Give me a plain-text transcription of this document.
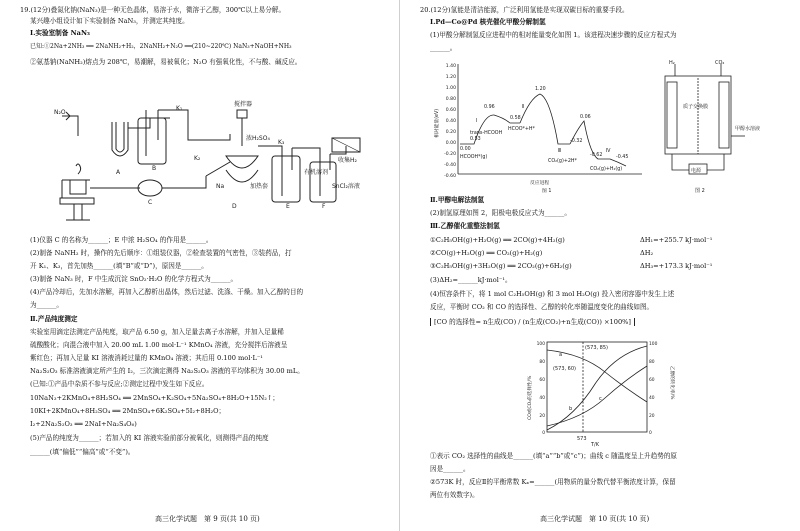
19.(12分)叠氮化钠(NaN₃)是一种无色晶体，易溶于水，微溶于乙醇，300℃以上易分解。
某兴趣小组设计如下实验制备 NaN₃，并测定其纯度。
Ⅰ.实验室制备 NaN₃
已知:①2Na+2NH₃ ══ 2NaNH₂+H₂，2NaNH₂+N₂O ══(210~220℃) NaN₃+NaOH+NH₃
②氨基钠(NaNH₂)熔点为 208℃，易潮解，易被氧化；N₂O 有强氧化性，不与酸、碱反应。
N₂O
A
B
C
D	E	F
K₁
K₂
K₃
搅拌器
浓H₂SO₄
Na	加热套
有机溶剂
收集H₂
SnCl₂溶液
(1)仪器 C 的名称为______；E 中浓 H₂SO₄ 的作用是______。
(2)制备 NaNH₂ 时，操作的先后顺序：①组装仪器，②检查装置的气密性，③装药品，打
开 K₁、K₃，首先加热______(填“B”或“D”)，原因是______。
(3)制备 NaN₃ 时，F 中生成沉淀 SnO₂·H₂O 的化学方程式为______。
(4)产品冷却后，先加水溶解，再加入乙醇析出晶体，然后过滤、洗涤、干燥。加入乙醇的目的
为______。
Ⅱ.产品纯度测定
实验室用滴定法测定产品纯度，取产品 6.50 g，加入足量去离子水溶解，并加入足量稀
硫酸酸化；向混合液中加入 20.00 mL 1.00 mol·L⁻¹ KMnO₄ 溶液，充分搅拌后溶液呈
紫红色；再加入足量 KI 溶液消耗过量的 KMnO₄ 溶液；其后用 0.100 mol·L⁻¹
Na₂S₂O₃ 标准溶液滴定所产生的 I₂，三次滴定测得 Na₂S₂O₃ 溶液的平均体积为 30.00 mL。
(已知:①产品中杂质不参与反应;②测定过程中发生如下反应。
10NaN₃+2KMnO₄+8H₂SO₄ ══ 2MnSO₄+K₂SO₄+5Na₂SO₄+8H₂O+15N₂↑；
10KI+2KMnO₄+8H₂SO₄ ══ 2MnSO₄+6K₂SO₄+5I₂+8H₂O；
I₂+2Na₂S₂O₃ ══ 2NaI+Na₂S₄O₆)
(5)产品的纯度为______；若加入的 KI 溶液实验前部分被氧化，则测得产品的纯度
______(填“偏低”“偏高”或“不变”)。
高三化学试题　第 9 页(共 10 页)
20.(12分)氢能是清洁能源，广泛利用氢能是实现双碳目标的重要手段。
Ⅰ.Pd—Co@Pd 核壳催化甲酸分解制氢
(1)甲酸分解制氢反应进程中的相对能量变化如图 1。该进程决速步骤的反应方程式为
______。
1.40
1.20
1.00
0.80
0.60
0.40
0.20
0.00
-0.20
-0.40
-0.60
0.96
1.20
0.58
0.53
0.06
0.00
-0.32
-0.45
-0.62
trans-HCOOH
HCOOH*(g)
HCOO*+H*
CO₂(g)+2H*
CO₂(g)+H₂(g)
Ⅰ
Ⅱ
Ⅲ	Ⅳ
反应进程
图 1
相对能量(eV)
H₂	CO₂
甲醇水溶液
电源
质子交换膜
图 2
Ⅱ.甲醇电解法制氢
(2)制氢原理如图 2，阳极电极反应式为______。
Ⅲ.乙醇催化重整法制氢
①C₂H₅OH(g)+H₂O(g) ══ 2CO(g)+4H₂(g)	ΔH₁=+255.7 kJ·mol⁻¹
②CO(g)+H₂O(g) ══ CO₂(g)+H₂(g)	ΔH₂
③C₂H₅OH(g)+3H₂O(g) ══ 2CO₂(g)+6H₂(g)	ΔH₃=+173.3 kJ·mol⁻¹
(3)ΔH₂=______kJ·mol⁻¹。
(4)恒容条件下，将 1 mol C₂H₅OH(g) 和 3 mol H₂O(g) 投入密闭容器中发生上述
反应，平衡时 CO₂ 和 CO 的选择性、乙醇的转化率随温度变化的曲线如图。
[CO 的选择性= n生成(CO) / (n生成(CO₂)+n生成(CO)) ×100%]
a
b
c
(573, 85)
(573, 60)
573
T/K
100
80
60
40
20
0
100
80
60
40
20
0
CO或CO₂的选择性/%	乙醇的转化率/%
①表示 CO₂ 选择性的曲线是______(填“a”“b”或“c”)；曲线 c 随温度呈上升趋势的原
因是______。
②573K 时，反应Ⅱ的平衡常数 Kₓ=______(用物质的量分数代替平衡浓度计算，保留
两位有效数字)。
高三化学试题　第 10 页(共 10 页)
